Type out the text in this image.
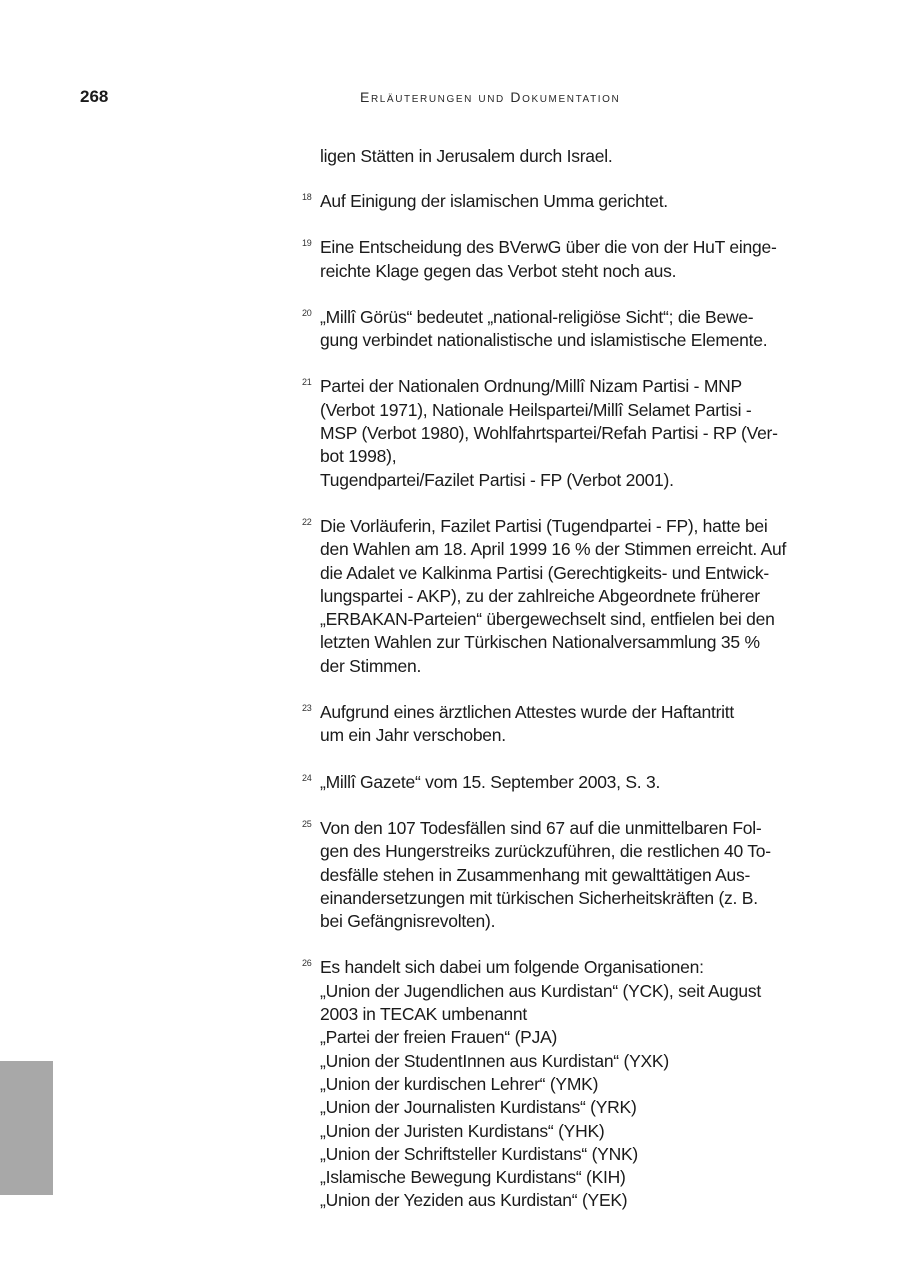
268	Erläuterungen und Dokumentation
ligen Stätten in Jerusalem durch Israel.
18 Auf Einigung der islamischen Umma gerichtet.
19 Eine Entscheidung des BVerwG über die von der HuT einge-
reichte Klage gegen das Verbot steht noch aus.
20 „Millî Görüs“ bedeutet „national-religiöse Sicht“; die Bewe-
gung verbindet nationalistische und islamistische Elemente.
21 Partei der Nationalen Ordnung/Millî Nizam Partisi - MNP
(Verbot 1971), Nationale Heilspartei/Millî Selamet Partisi -
MSP (Verbot 1980), Wohlfahrtspartei/Refah Partisi - RP (Ver-
bot 1998),
Tugendpartei/Fazilet Partisi - FP (Verbot 2001).
22 Die Vorläuferin, Fazilet Partisi (Tugendpartei - FP), hatte bei
den Wahlen am 18. April 1999 16 % der Stimmen erreicht. Auf
die Adalet ve Kalkinma Partisi (Gerechtigkeits- und Entwick-
lungspartei - AKP), zu der zahlreiche Abgeordnete früherer
„ERBAKAN-Parteien“ übergewechselt sind, entfielen bei den
letzten Wahlen zur Türkischen Nationalversammlung 35 %
der Stimmen.
23 Aufgrund eines ärztlichen Attestes wurde der Haftantritt
um ein Jahr verschoben.
24 „Millî Gazete“ vom 15. September 2003, S. 3.
25 Von den 107 Todesfällen sind 67 auf die unmittelbaren Fol-
gen des Hungerstreiks zurückzuführen, die restlichen 40 To-
desfälle stehen in Zusammenhang mit gewalttätigen Aus-
einandersetzungen mit türkischen Sicherheitskräften (z. B.
bei Gefängnisrevolten).
26 Es handelt sich dabei um folgende Organisationen:
„Union der Jugendlichen aus Kurdistan“ (YCK), seit August
2003 in TECAK umbenannt
„Partei der freien Frauen“ (PJA)
„Union der StudentInnen aus Kurdistan“ (YXK)
„Union der kurdischen Lehrer“ (YMK)
„Union der Journalisten Kurdistans“ (YRK)
„Union der Juristen Kurdistans“ (YHK)
„Union der Schriftsteller Kurdistans“ (YNK)
„Islamische Bewegung Kurdistans“ (KIH)
„Union der Yeziden aus Kurdistan“ (YEK)
